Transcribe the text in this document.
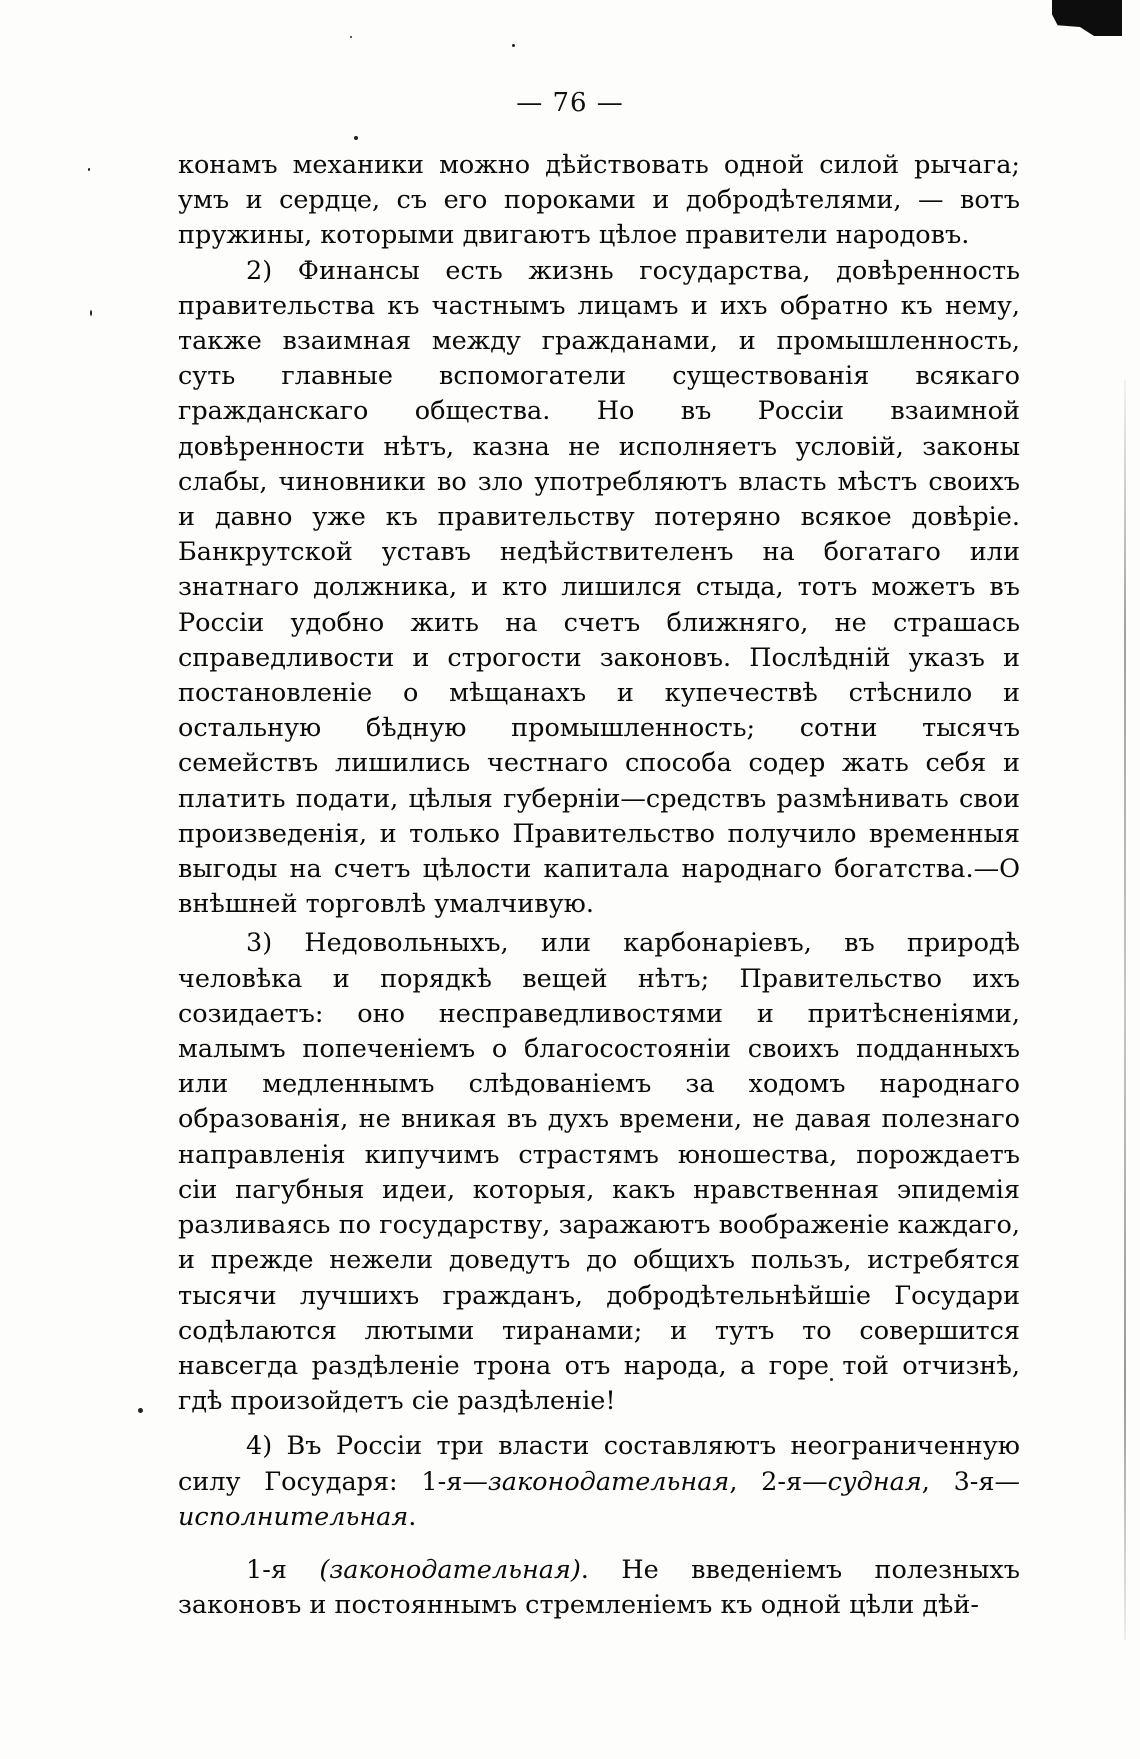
— 76 —

конамъ механики можно дѣйствовать одной силой рычага; умъ и сердце, съ его пороками и добродѣтелями, — вотъ пружины, которыми двигаютъ цѣлое правители народовъ.

2) Финансы есть жизнь государства, довѣренность правительства къ частнымъ лицамъ и ихъ обратно къ нему, также взаимная между гражданами, и промышленность, суть главные вспомогатели существованія всякаго гражданскаго общества. Но въ Россіи взаимной довѣренности нѣтъ, казна не исполняетъ условій, законы слабы, чиновники во зло употребляютъ власть мѣстъ своихъ и давно уже къ правительству потеряно всякое довѣріе. Банкрутской уставъ недѣйствителенъ на богатаго или знатнаго должника, и кто лишился стыда, тотъ можетъ въ Россіи удобно жить на счетъ ближняго, не страшась справедливости и строгости законовъ. Послѣдній указъ и постановленіе о мѣщанахъ и купечествѣ стѣснило и остальную бѣдную промышленность; сотни тысячъ семействъ лишились честнаго способа содер жать себя и платить подати, цѣлыя губерніи—средствъ размѣнивать свои произведенія, и только Правительство получило временныя выгоды на счетъ цѣлости капитала народнаго богатства.—О внѣшней торговлѣ умалчивую.

3) Недовольныхъ, или карбонаріевъ, въ природѣ человѣка и порядкѣ вещей нѣтъ; Правительство ихъ созидаетъ: оно несправедливостями и притѣсненіями, малымъ попеченіемъ о благосостояніи своихъ подданныхъ или медленнымъ слѣдованіемъ за ходомъ народнаго образованія, не вникая въ духъ времени, не давая полезнаго направленія кипучимъ страстямъ юношества, порождаетъ сіи пагубныя идеи, которыя, какъ нравственная эпидемія разливаясь по государству, заражаютъ воображеніе каждаго, и прежде нежели доведутъ до общихъ пользъ, истребятся тысячи лучшихъ гражданъ, добродѣтельнѣйшіе Государи содѣлаются лютыми тиранами; и тутъ то совершится навсегда раздѣленіе трона отъ народа, а горе той отчизнѣ, гдѣ произойдетъ сіе раздѣленіе!

4) Въ Россіи три власти составляютъ неограниченную силу Государя: 1-я—законодательная, 2-я—судная, 3-я—исполнительная.

1-я (законодательная). Не введеніемъ полезныхъ законовъ и постояннымъ стремленіемъ къ одной цѣли дѣй-
